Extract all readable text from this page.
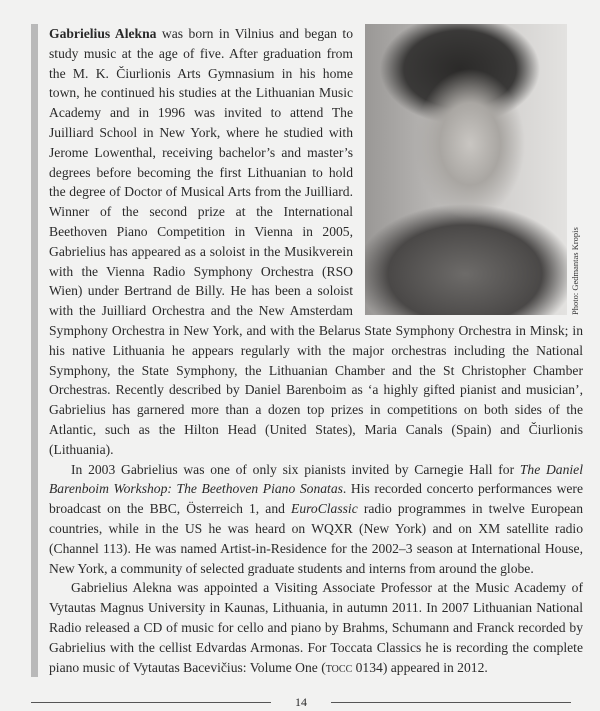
Photo: Gedmantas Kropis

Gabrielius Alekna was born in Vilnius and began to study music at the age of five. After graduation from the M. K. Čiurlionis Arts Gymnasium in his home town, he continued his studies at the Lithuanian Music Academy and in 1996 was invited to attend The Juilliard School in New York, where he studied with Jerome Lowenthal, receiving bachelor’s and master’s degrees before becoming the first Lithuanian to hold the degree of Doctor of Musical Arts from the Juilliard. Winner of the second prize at the International Beethoven Piano Competition in Vienna in 2005, Gabrielius has appeared as a soloist in the Musikverein with the Vienna Radio Symphony Orchestra (RSO Wien) under Bertrand de Billy. He has been a soloist with the Juilliard Orchestra and the New Amsterdam Symphony Orchestra in New York, and with the Belarus State Symphony Orchestra in Minsk; in his native Lithuania he appears regularly with the major orchestras including the National Symphony, the State Symphony, the Lithuanian Chamber and the St Christopher Chamber Orchestras. Recently described by Daniel Barenboim as ‘a highly gifted pianist and musician’, Gabrielius has garnered more than a dozen top prizes in competitions on both sides of the Atlantic, such as the Hilton Head (United States), Maria Canals (Spain) and Čiurlionis (Lithuania).

In 2003 Gabrielius was one of only six pianists invited by Carnegie Hall for The Daniel Barenboim Workshop: The Beethoven Piano Sonatas. His recorded concerto performances were broadcast on the BBC, Österreich 1, and EuroClassic radio programmes in twelve European countries, while in the US he was heard on WQXR (New York) and on XM satellite radio (Channel 113). He was named Artist-in-Residence for the 2002–3 season at International House, New York, a community of selected graduate students and interns from around the globe.

Gabrielius Alekna was appointed a Visiting Associate Professor at the Music Academy of Vytautas Magnus University in Kaunas, Lithuania, in autumn 2011. In 2007 Lithuanian National Radio released a CD of music for cello and piano by Brahms, Schumann and Franck recorded by Gabrielius with the cellist Edvardas Armonas. For Toccata Classics he is recording the complete piano music of Vytautas Bacevičius: Volume One (tocc 0134) appeared in 2012.

14
